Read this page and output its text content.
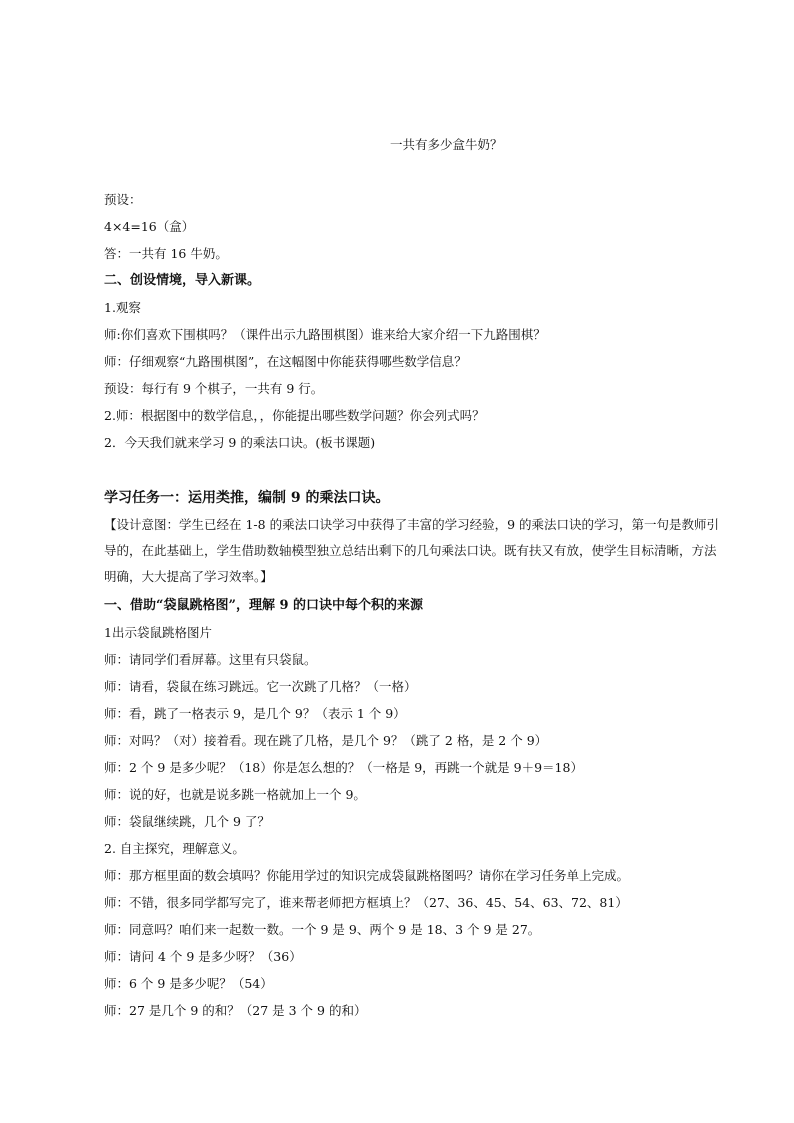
一共有多少盒牛奶？
预设：
4×4=16（盒）
答：一共有 16 牛奶。
二、创设情境，导入新课。
1.观察
师:你们喜欢下围棋吗？（课件出示九路围棋图）谁来给大家介绍一下九路围棋？
师：仔细观察“九路围棋图”，在这幅图中你能获得哪些数学信息？
预设：每行有 9 个棋子，一共有 9 行。
2.师：根据图中的数学信息，，你能提出哪些数学问题？你会列式吗？
2．今天我们就来学习 9 的乘法口诀。(板书课题)
学习任务一：运用类推，编制 9 的乘法口诀。
【设计意图：学生已经在 1-8 的乘法口诀学习中获得了丰富的学习经验，9 的乘法口诀的学习，第一句是教师引导的，在此基础上，学生借助数轴模型独立总结出剩下的几句乘法口诀。既有扶又有放，使学生目标清晰，方法明确，大大提高了学习效率。】
一、借助“袋鼠跳格图”，理解 9 的口诀中每个积的来源
1出示袋鼠跳格图片
师：请同学们看屏幕。这里有只袋鼠。
师：请看，袋鼠在练习跳远。它一次跳了几格？（一格）
师：看，跳了一格表示 9，是几个 9？（表示 1 个 9）
师：对吗？（对）接着看。现在跳了几格，是几个 9？（跳了 2 格，是 2 个 9）
师：2 个 9 是多少呢？（18）你是怎么想的？（一格是 9，再跳一个就是 9＋9＝18）
师：说的好，也就是说多跳一格就加上一个 9。
师：袋鼠继续跳，几个 9 了？
2. 自主探究，理解意义。
师：那方框里面的数会填吗？你能用学过的知识完成袋鼠跳格图吗？请你在学习任务单上完成。
师：不错，很多同学都写完了，谁来帮老师把方框填上？（27、36、45、54、63、72、81）
师：同意吗？咱们来一起数一数。一个 9 是 9、两个 9 是 18、3 个 9 是 27。
师：请问 4 个 9 是多少呀？（36）
师：6 个 9 是多少呢？（54）
师：27 是几个 9 的和？（27 是 3 个 9 的和）
